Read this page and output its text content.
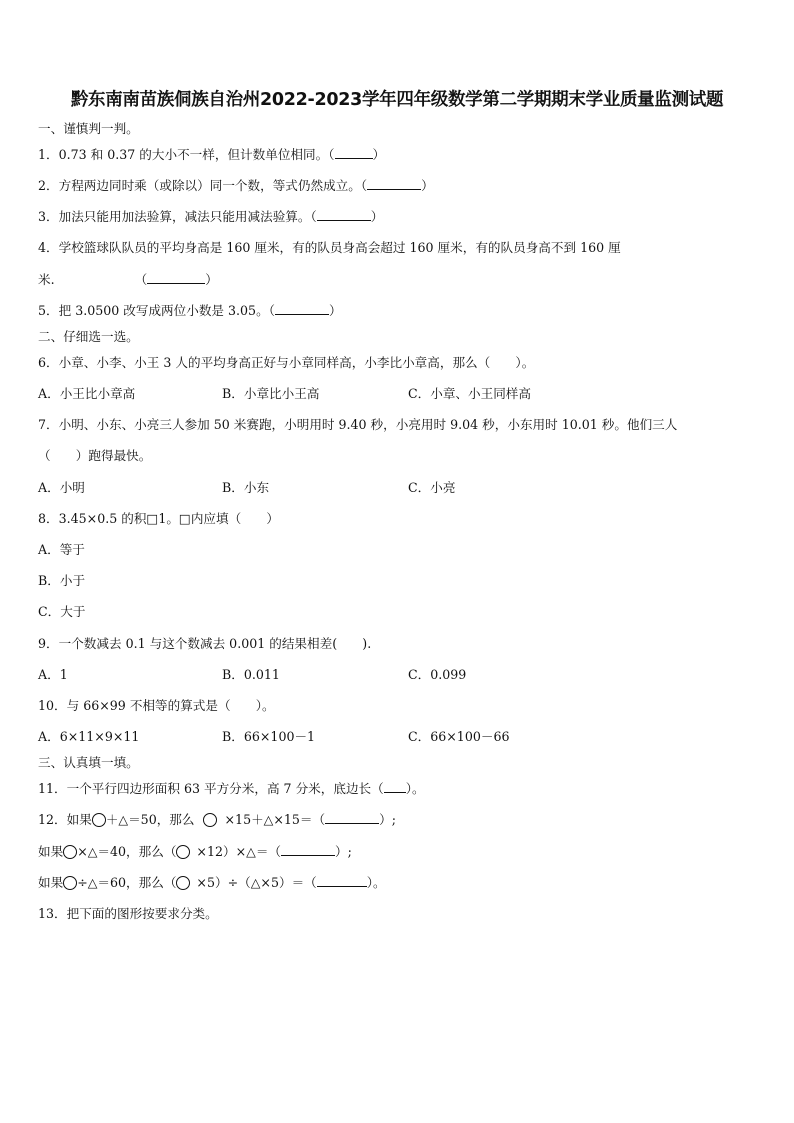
黔东南南苗族侗族自治州2022-2023学年四年级数学第二学期期末学业质量监测试题
一、谨慎判一判。
1．0.73 和 0.37 的大小不一样，但计数单位相同。（	）
2．方程两边同时乘（或除以）同一个数，等式仍然成立。（	）
3．加法只能用加法验算，减法只能用减法验算。（	）
4．学校篮球队队员的平均身高是 160 厘米，有的队员身高会超过 160 厘米，有的队员身高不到 160 厘
米.	（	）
5．把 3.0500 改写成两位小数是 3.05。（	）
二、仔细选一选。
6．小章、小李、小王 3 人的平均身高正好与小章同样高，小李比小章高，那么（　　）。
A．小王比小章高	B．小章比小王高	C．小章、小王同样高
7．小明、小东、小亮三人参加 50 米赛跑，小明用时 9.40 秒，小亮用时 9.04 秒，小东用时 10.01 秒。他们三人
（　　）跑得最快。
A．小明	B．小东	C．小亮
8．3.45×0.5 的积□1。□内应填（　　）
A．等于
B．小于
C．大于
9．一个数减去 0.1 与这个数减去 0.001 的结果相差(　　).
A．1	B．0.011	C．0.099
10．与 66×99 不相等的算式是（　　）。
A．6×11×9×11	B．66×100－1	C．66×100－66
三、认真填一填。
11．一个平行四边形面积 63 平方分米，高 7 分米，底边长（ ）。
12．如果 ＋△＝50，那么 ×15＋△×15＝（	）;
如果 ×△＝40，那么（ ×12）×△＝（	）;
如果 ÷△＝60，那么（ ×5）÷（△×5）＝（	）。
13．把下面的图形按要求分类。
